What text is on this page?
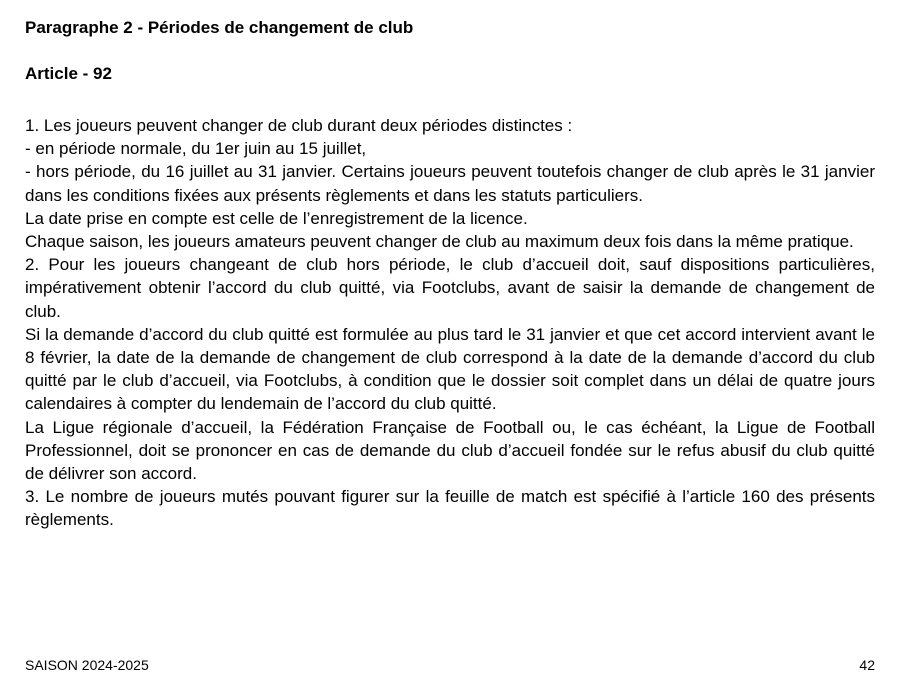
Paragraphe 2 - Périodes de changement de club
Article - 92

1. Les joueurs peuvent changer de club durant deux périodes distinctes :

- en période normale, du 1er juin au 15 juillet,

- hors période, du 16 juillet au 31 janvier. Certains joueurs peuvent toutefois changer de club après le 31 janvier dans les conditions fixées aux présents règlements et dans les statuts particuliers.

La date prise en compte est celle de l’enregistrement de la licence.

Chaque saison, les joueurs amateurs peuvent changer de club au maximum deux fois dans la même pratique.

2. Pour les joueurs changeant de club hors période, le club d’accueil doit, sauf dispositions particulières, impérativement obtenir l’accord du club quitté, via Footclubs, avant de saisir la demande de changement de club.

Si la demande d’accord du club quitté est formulée au plus tard le 31 janvier et que cet accord intervient avant le 8 février, la date de la demande de changement de club correspond à la date de la demande d’accord du club quitté par le club d’accueil, via Footclubs, à condition que le dossier soit complet dans un délai de quatre jours calendaires à compter du lendemain de l’accord du club quitté.

La Ligue régionale d’accueil, la Fédération Française de Football ou, le cas échéant, la Ligue de Football Professionnel, doit se prononcer en cas de demande du club d’accueil fondée sur le refus abusif du club quitté de délivrer son accord.

3. Le nombre de joueurs mutés pouvant figurer sur la feuille de match est spécifié à l’article 160 des présents règlements.

SAISON 2024-2025	42
